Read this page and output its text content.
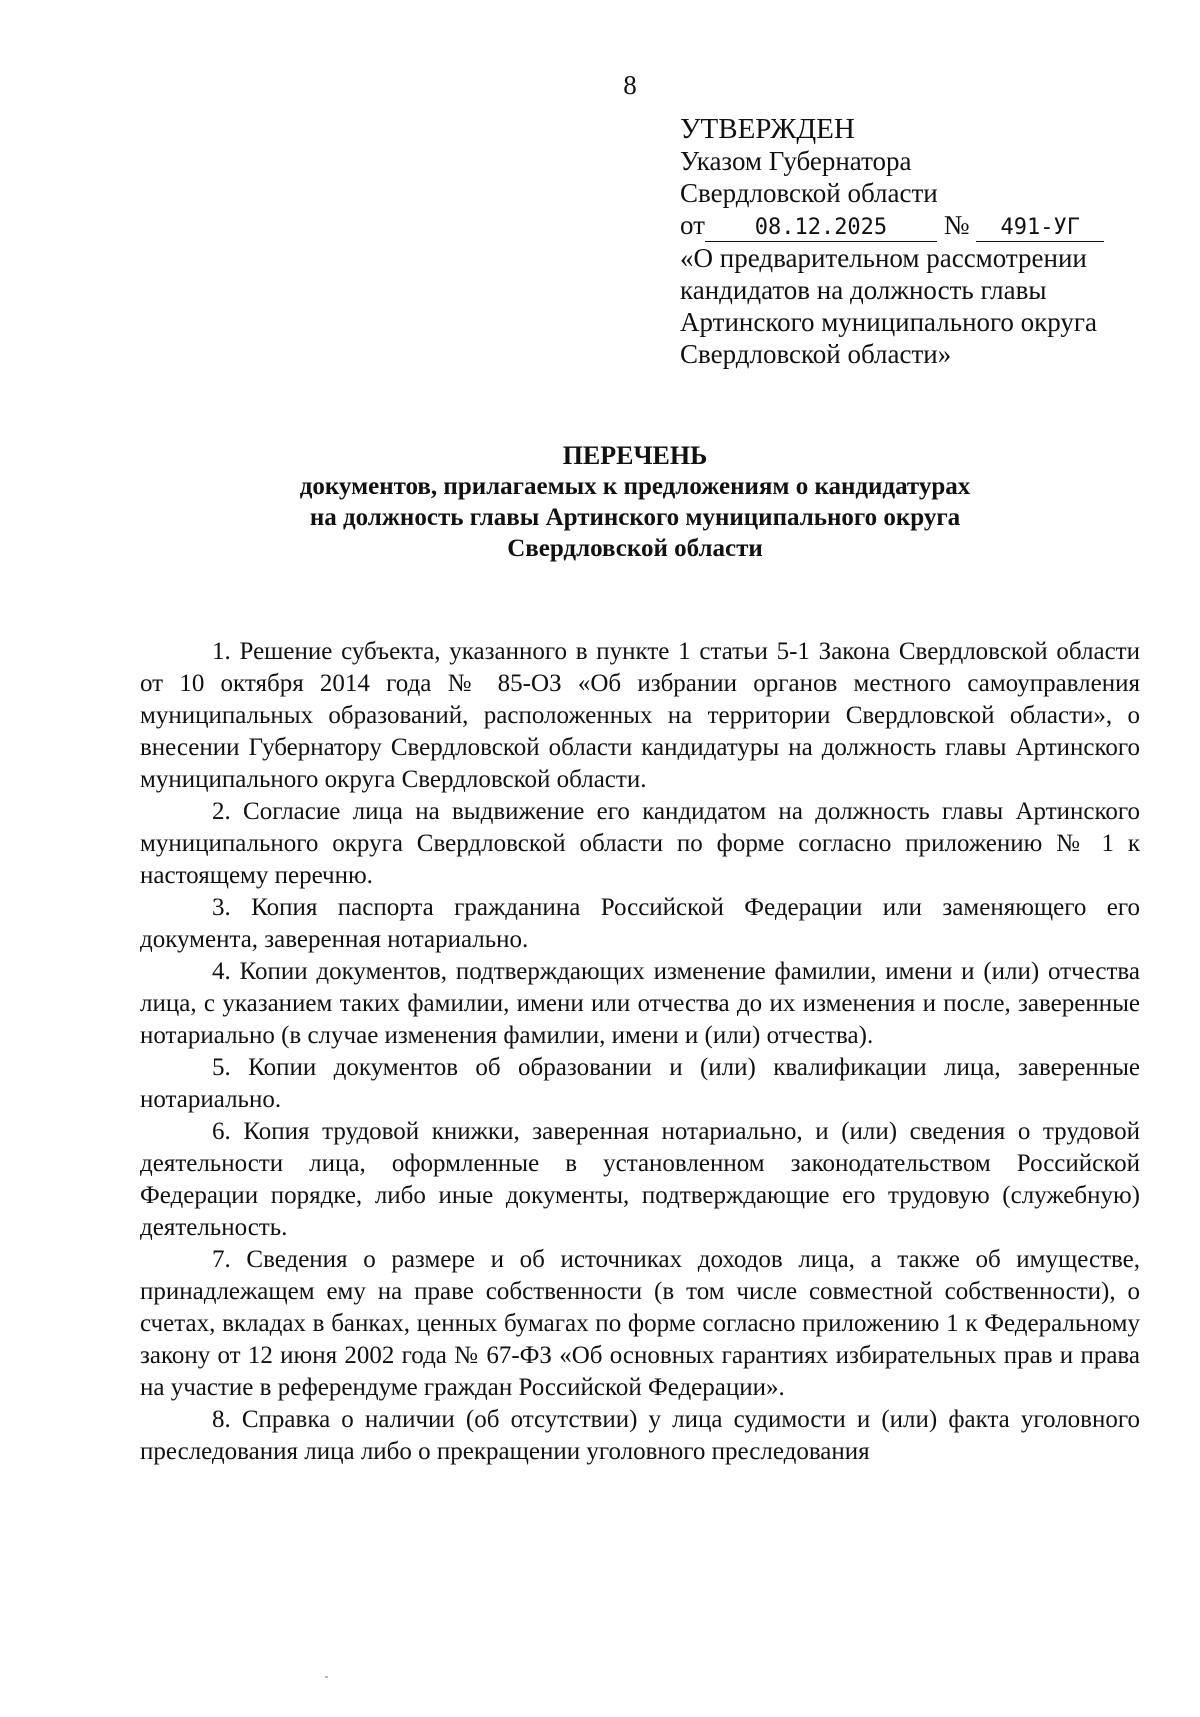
8
УТВЕРЖДЕН
Указом Губернатора
Свердловской области
от 08.12.2025 № 491-УГ
«О предварительном рассмотрении
кандидатов на должность главы
Артинского муниципального округа
Свердловской области»
ПЕРЕЧЕНЬ
документов, прилагаемых к предложениям о кандидатурах
на должность главы Артинского муниципального округа
Свердловской области

1. Решение субъекта, указанного в пункте 1 статьи 5-1 Закона Свердловской области от 10 октября 2014 года № 85-ОЗ «Об избрании органов местного самоуправления муниципальных образований, расположенных на территории Свердловской области», о внесении Губернатору Свердловской области кандидатуры на должность главы Артинского муниципального округа Свердловской области.

2. Согласие лица на выдвижение его кандидатом на должность главы Артинского муниципального округа Свердловской области по форме согласно приложению № 1 к настоящему перечню.

3. Копия паспорта гражданина Российской Федерации или заменяющего его документа, заверенная нотариально.

4. Копии документов, подтверждающих изменение фамилии, имени и (или) отчества лица, с указанием таких фамилии, имени или отчества до их изменения и после, заверенные нотариально (в случае изменения фамилии, имени и (или) отчества).

5. Копии документов об образовании и (или) квалификации лица, заверенные нотариально.

6. Копия трудовой книжки, заверенная нотариально, и (или) сведения о трудовой деятельности лица, оформленные в установленном законодательством Российской Федерации порядке, либо иные документы, подтверждающие его трудовую (служебную) деятельность.

7. Сведения о размере и об источниках доходов лица, а также об имуществе, принадлежащем ему на праве собственности (в том числе совместной собственности), о счетах, вкладах в банках, ценных бумагах по форме согласно приложению 1 к Федеральному закону от 12 июня 2002 года № 67-ФЗ «Об основных гарантиях избирательных прав и права на участие в референдуме граждан Российской Федерации».

8. Справка о наличии (об отсутствии) у лица судимости и (или) факта уголовного преследования лица либо о прекращении уголовного преследования
